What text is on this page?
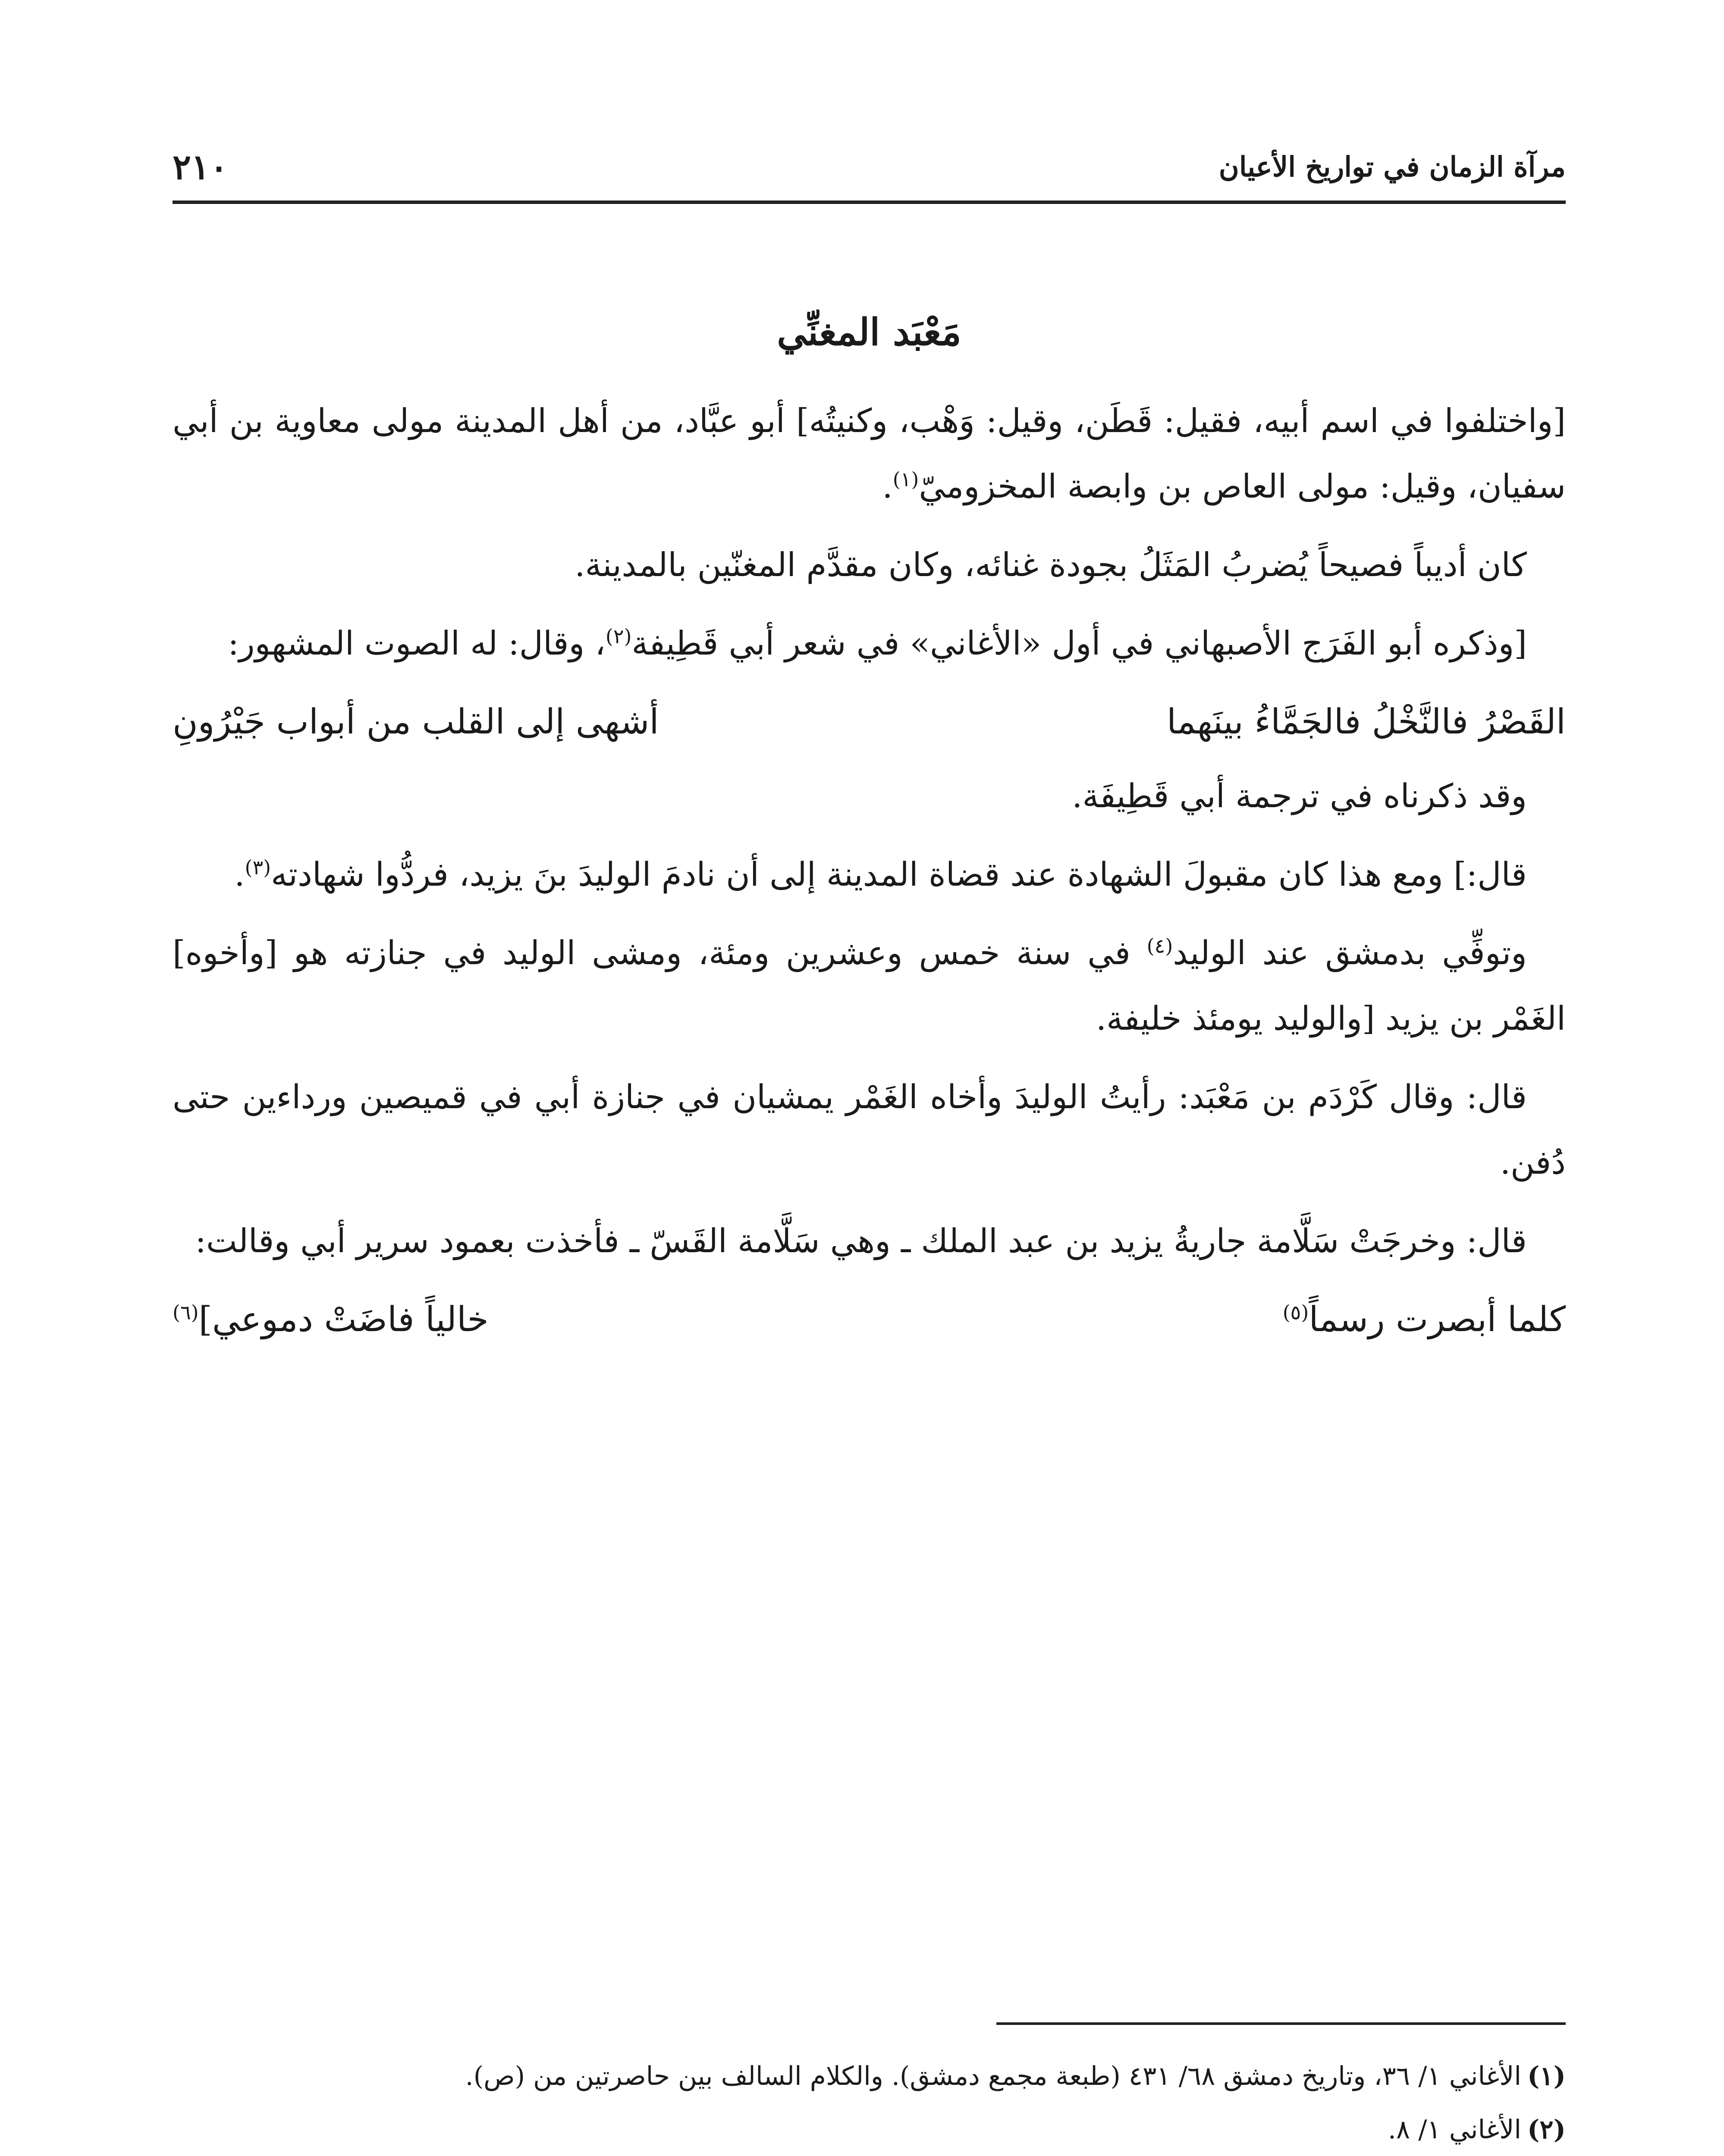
مرآة الزمان في تواريخ الأعيان
٢١٠
مَعْبَد المغنِّي

[واختلفوا في اسم أبيه، فقيل: قَطَن، وقيل: وَهْب، وكنيتُه] أبو عبَّاد، من أهل المدينة مولى معاوية بن أبي سفيان، وقيل: مولى العاص بن وابصة المخزوميّ$^{(١)}$.

كان أديباً فصيحاً يُضربُ المَثَلُ بجودة غنائه، وكان مقدَّم المغنّين بالمدينة.

[وذكره أبو الفَرَج الأصبهاني في أول «الأغاني» في شعر أبي قَطِيفة$^{(٢)}$، وقال: له الصوت المشهور:

القَصْرُ فالنَّخْلُ فالجَمَّاءُ بينَهما
أشهى إلى القلب من أبواب جَيْرُونِ

وقد ذكرناه في ترجمة أبي قَطِيفَة.

قال:] ومع هذا كان مقبولَ الشهادة عند قضاة المدينة إلى أن نادمَ الوليدَ بنَ يزيد، فردُّوا شهادته$^{(٣)}$.

وتوفِّي بدمشق عند الوليد$^{(٤)}$ في سنة خمس وعشرين ومئة، ومشى الوليد في جنازته هو [وأخوه] الغَمْر بن يزيد [والوليد يومئذ خليفة.

قال: وقال كَرْدَم بن مَعْبَد: رأيتُ الوليدَ وأخاه الغَمْر يمشيان في جنازة أبي في قميصين ورداءين حتى دُفن.

قال: وخرجَتْ سَلَّامة جاريةُ يزيد بن عبد الملك ـ وهي سَلَّامة القَسّ ـ فأخذت بعمود سرير أبي وقالت:

كلما أبصرت رسماً$^{(٥)}$
خالياً فاضَتْ دموعي]$^{(٦)}$

(١)الأغاني ١/ ٣٦، وتاريخ دمشق ٦٨/ ٤٣١ (طبعة مجمع دمشق). والكلام السالف بين حاصرتين من (ص).

(٢)الأغاني ١/ ٨.
